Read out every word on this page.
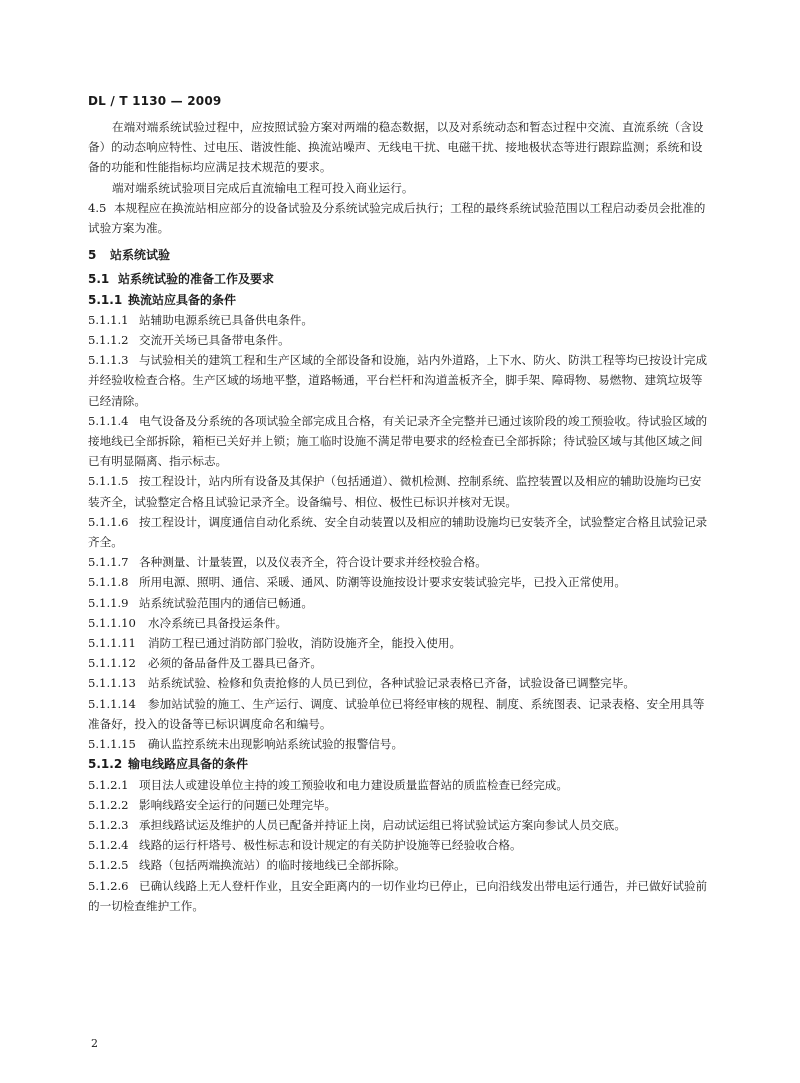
DL / T 1130 — 2009

在端对端系统试验过程中，应按照试验方案对两端的稳态数据，以及对系统动态和暂态过程中交流、直流系统（含设备）的动态响应特性、过电压、谐波性能、换流站噪声、无线电干扰、电磁干扰、接地极状态等进行跟踪监测；系统和设备的功能和性能指标均应满足技术规范的要求。

端对端系统试验项目完成后直流输电工程可投入商业运行。

4.5 本规程应在换流站相应部分的设备试验及分系统试验完成后执行；工程的最终系统试验范围以工程启动委员会批准的试验方案为准。

5 站系统试验

5.1 站系统试验的准备工作及要求

5.1.1 换流站应具备的条件

5.1.1.1 站辅助电源系统已具备供电条件。

5.1.1.2 交流开关场已具备带电条件。

5.1.1.3 与试验相关的建筑工程和生产区域的全部设备和设施，站内外道路，上下水、防火、防洪工程等均已按设计完成并经验收检查合格。生产区域的场地平整，道路畅通，平台栏杆和沟道盖板齐全，脚手架、障碍物、易燃物、建筑垃圾等已经清除。

5.1.1.4 电气设备及分系统的各项试验全部完成且合格，有关记录齐全完整并已通过该阶段的竣工预验收。待试验区域的接地线已全部拆除，箱柜已关好并上锁；施工临时设施不满足带电要求的经检查已全部拆除；待试验区域与其他区域之间已有明显隔离、指示标志。

5.1.1.5 按工程设计，站内所有设备及其保护（包括通道）、微机检测、控制系统、监控装置以及相应的辅助设施均已安装齐全，试验整定合格且试验记录齐全。设备编号、相位、极性已标识并核对无误。

5.1.1.6 按工程设计，调度通信自动化系统、安全自动装置以及相应的辅助设施均已安装齐全，试验整定合格且试验记录齐全。

5.1.1.7 各种测量、计量装置，以及仪表齐全，符合设计要求并经校验合格。

5.1.1.8 所用电源、照明、通信、采暖、通风、防潮等设施按设计要求安装试验完毕，已投入正常使用。

5.1.1.9 站系统试验范围内的通信已畅通。

5.1.1.10 水冷系统已具备投运条件。

5.1.1.11 消防工程已通过消防部门验收，消防设施齐全，能投入使用。

5.1.1.12 必须的备品备件及工器具已备齐。

5.1.1.13 站系统试验、检修和负责抢修的人员已到位，各种试验记录表格已齐备，试验设备已调整完毕。

5.1.1.14 参加站试验的施工、生产运行、调度、试验单位已将经审核的规程、制度、系统图表、记录表格、安全用具等准备好，投入的设备等已标识调度命名和编号。

5.1.1.15 确认监控系统未出现影响站系统试验的报警信号。

5.1.2 输电线路应具备的条件

5.1.2.1 项目法人或建设单位主持的竣工预验收和电力建设质量监督站的质监检查已经完成。

5.1.2.2 影响线路安全运行的问题已处理完毕。

5.1.2.3 承担线路试运及维护的人员已配备并持证上岗，启动试运组已将试验试运方案向参试人员交底。

5.1.2.4 线路的运行杆塔号、极性标志和设计规定的有关防护设施等已经验收合格。

5.1.2.5 线路（包括两端换流站）的临时接地线已全部拆除。

5.1.2.6 已确认线路上无人登杆作业，且安全距离内的一切作业均已停止，已向沿线发出带电运行通告，并已做好试验前的一切检查维护工作。

2
